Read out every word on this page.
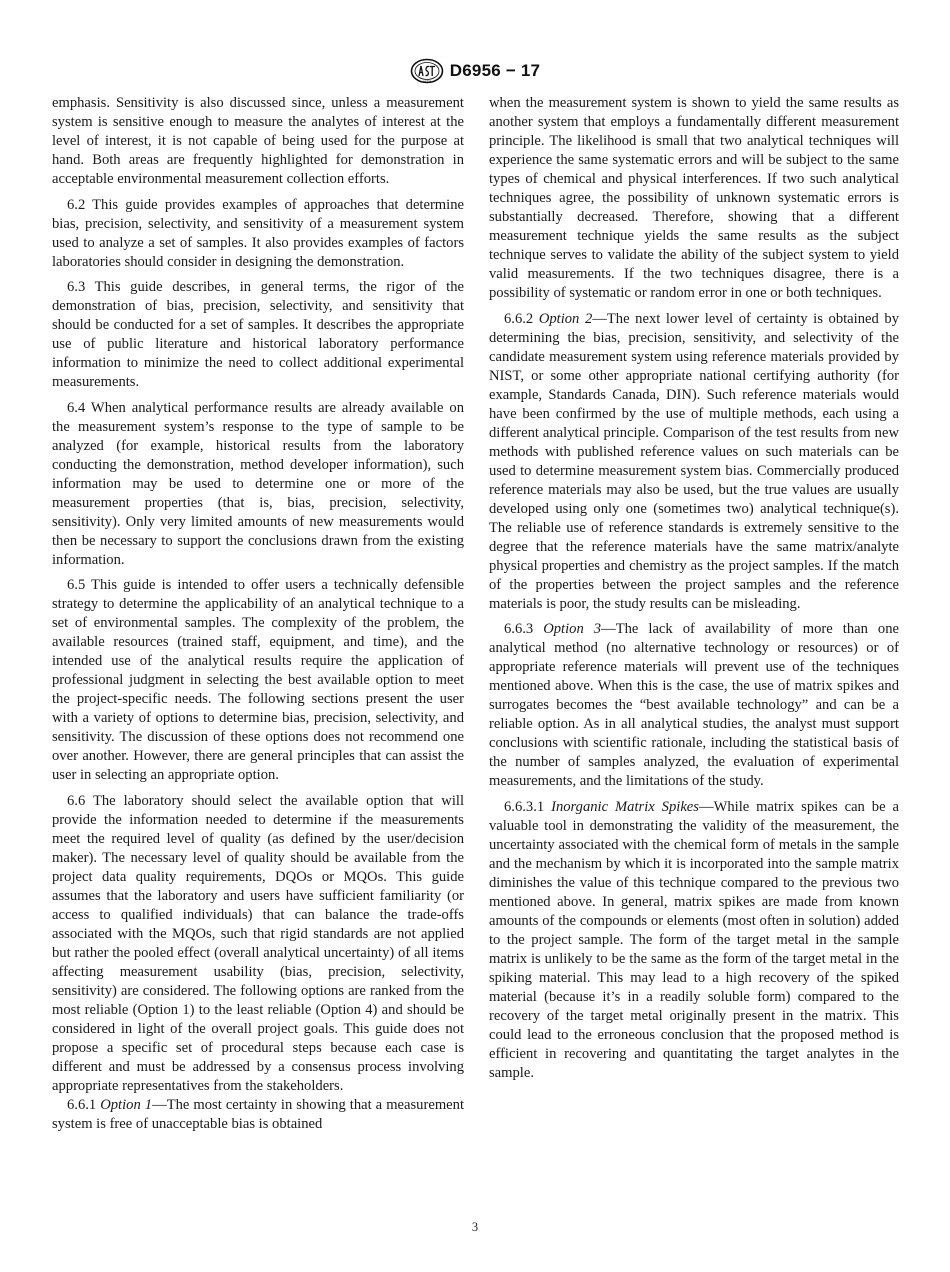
ASTM
D6956 − 17

emphasis. Sensitivity is also discussed since, unless a measurement system is sensitive enough to measure the analytes of interest at the level of interest, it is not capable of being used for the purpose at hand. Both areas are frequently highlighted for demonstration in acceptable environmental measurement collection efforts.

6.2 This guide provides examples of approaches that determine bias, precision, selectivity, and sensitivity of a measurement system used to analyze a set of samples. It also provides examples of factors laboratories should consider in designing the demonstration.

6.3 This guide describes, in general terms, the rigor of the demonstration of bias, precision, selectivity, and sensitivity that should be conducted for a set of samples. It describes the appropriate use of public literature and historical laboratory performance information to minimize the need to collect additional experimental measurements.

6.4 When analytical performance results are already available on the measurement system’s response to the type of sample to be analyzed (for example, historical results from the laboratory conducting the demonstration, method developer information), such information may be used to determine one or more of the measurement properties (that is, bias, precision, selectivity, sensitivity). Only very limited amounts of new measurements would then be necessary to support the conclusions drawn from the existing information.

6.5 This guide is intended to offer users a technically defensible strategy to determine the applicability of an analytical technique to a set of environmental samples. The complexity of the problem, the available resources (trained staff, equipment, and time), and the intended use of the analytical results require the application of professional judgment in selecting the best available option to meet the project-specific needs. The following sections present the user with a variety of options to determine bias, precision, selectivity, and sensitivity. The discussion of these options does not recommend one over another. However, there are general principles that can assist the user in selecting an appropriate option.

6.6 The laboratory should select the available option that will provide the information needed to determine if the measurements meet the required level of quality (as defined by the user/decision maker). The necessary level of quality should be available from the project data quality requirements, DQOs or MQOs. This guide assumes that the laboratory and users have sufficient familiarity (or access to qualified individuals) that can balance the trade-offs associated with the MQOs, such that rigid standards are not applied but rather the pooled effect (overall analytical uncertainty) of all items affecting measurement usability (bias, precision, selectivity, sensitivity) are considered. The following options are ranked from the most reliable (Option 1) to the least reliable (Option 4) and should be considered in light of the overall project goals. This guide does not propose a specific set of procedural steps because each case is different and must be addressed by a consensus process involving appropriate representatives from the stakeholders.

6.6.1 Option 1—The most certainty in showing that a measurement system is free of unacceptable bias is obtained

when the measurement system is shown to yield the same results as another system that employs a fundamentally different measurement principle. The likelihood is small that two analytical techniques will experience the same systematic errors and will be subject to the same types of chemical and physical interferences. If two such analytical techniques agree, the possibility of unknown systematic errors is substantially decreased. Therefore, showing that a different measurement technique yields the same results as the subject technique serves to validate the ability of the subject system to yield valid measurements. If the two techniques disagree, there is a possibility of systematic or random error in one or both techniques.

6.6.2 Option 2—The next lower level of certainty is obtained by determining the bias, precision, sensitivity, and selectivity of the candidate measurement system using reference materials provided by NIST, or some other appropriate national certifying authority (for example, Standards Canada, DIN). Such reference materials would have been confirmed by the use of multiple methods, each using a different analytical principle. Comparison of the test results from new methods with published reference values on such materials can be used to determine measurement system bias. Commercially produced reference materials may also be used, but the true values are usually developed using only one (sometimes two) analytical technique(s). The reliable use of reference standards is extremely sensitive to the degree that the reference materials have the same matrix/analyte physical properties and chemistry as the project samples. If the match of the properties between the project samples and the reference materials is poor, the study results can be misleading.

6.6.3 Option 3—The lack of availability of more than one analytical method (no alternative technology or resources) or of appropriate reference materials will prevent use of the techniques mentioned above. When this is the case, the use of matrix spikes and surrogates becomes the “best available technology” and can be a reliable option. As in all analytical studies, the analyst must support conclusions with scientific rationale, including the statistical basis of the number of samples analyzed, the evaluation of experimental measurements, and the limitations of the study.

6.6.3.1 Inorganic Matrix Spikes—While matrix spikes can be a valuable tool in demonstrating the validity of the measurement, the uncertainty associated with the chemical form of metals in the sample and the mechanism by which it is incorporated into the sample matrix diminishes the value of this technique compared to the previous two mentioned above. In general, matrix spikes are made from known amounts of the compounds or elements (most often in solution) added to the project sample. The form of the target metal in the sample matrix is unlikely to be the same as the form of the target metal in the spiking material. This may lead to a high recovery of the spiked material (because it’s in a readily soluble form) compared to the recovery of the target metal originally present in the matrix. This could lead to the erroneous conclusion that the proposed method is efficient in recovering and quantitating the target analytes in the sample.

3
